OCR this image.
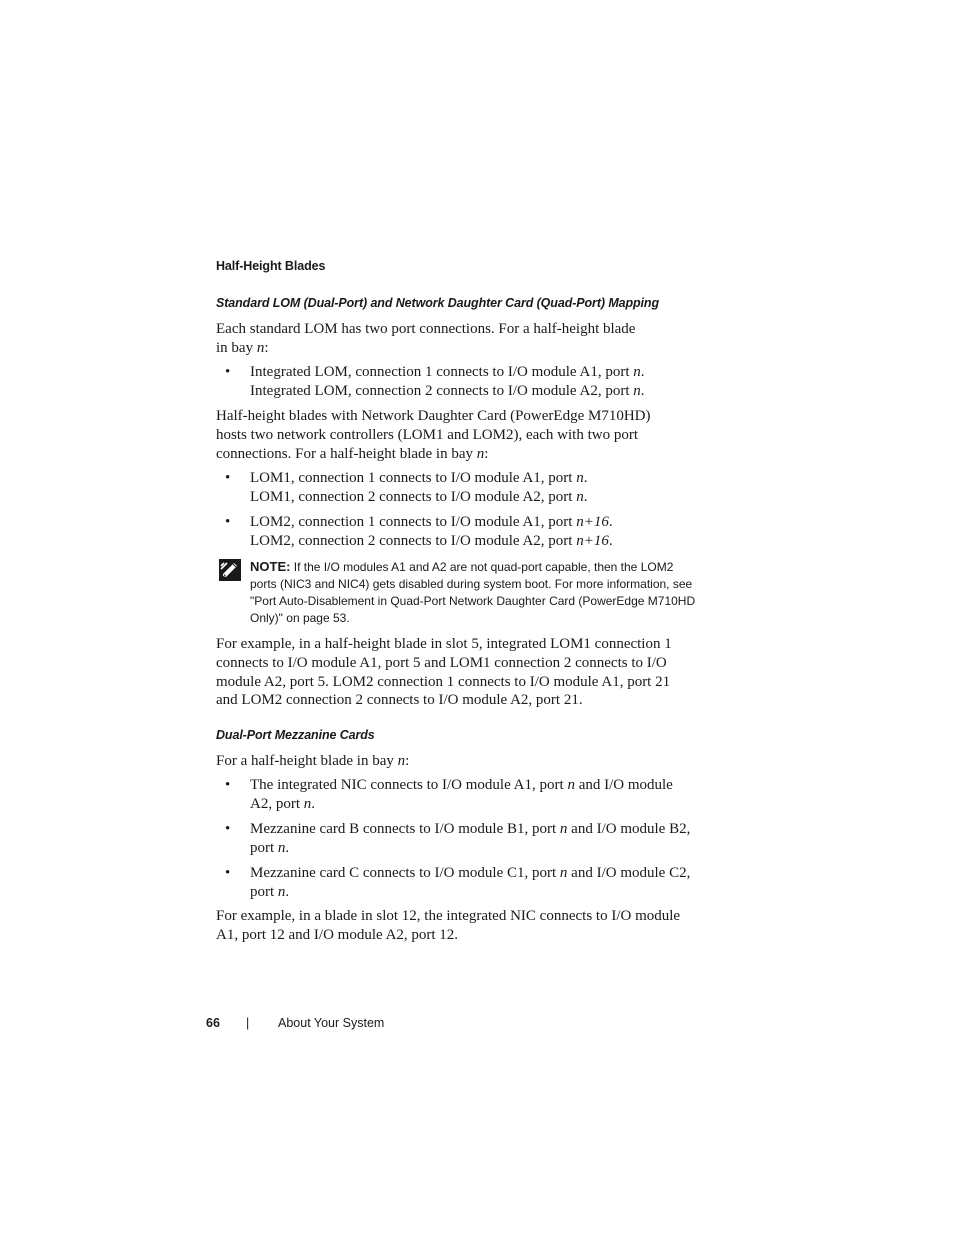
Half-Height Blades
Standard LOM (Dual-Port) and Network Daughter Card (Quad-Port) Mapping
Each standard LOM has two port connections. For a half-height blade
in bay n:
• Integrated LOM, connection 1 connects to I/O module A1, port n.
Integrated LOM, connection 2 connects to I/O module A2, port n.
Half-height blades with Network Daughter Card (PowerEdge M710HD)
hosts two network controllers (LOM1 and LOM2), each with two port
connections. For a half-height blade in bay n:
• LOM1, connection 1 connects to I/O module A1, port n.
LOM1, connection 2 connects to I/O module A2, port n.
• LOM2, connection 1 connects to I/O module A1, port n+16.
LOM2, connection 2 connects to I/O module A2, port n+16.
NOTE: If the I/O modules A1 and A2 are not quad-port capable, then the LOM2
ports (NIC3 and NIC4) gets disabled during system boot. For more information, see
"Port Auto-Disablement in Quad-Port Network Daughter Card (PowerEdge M710HD
Only)" on page 53.
For example, in a half-height blade in slot 5, integrated LOM1 connection 1
connects to I/O module A1, port 5 and LOM1 connection 2 connects to I/O
module A2, port 5. LOM2 connection 1 connects to I/O module A1, port 21
and LOM2 connection 2 connects to I/O module A2, port 21.
Dual-Port Mezzanine Cards
For a half-height blade in bay n:
• The integrated NIC connects to I/O module A1, port n and I/O module
A2, port n.
• Mezzanine card B connects to I/O module B1, port n and I/O module B2,
port n.
• Mezzanine card C connects to I/O module C1, port n and I/O module C2,
port n.
For example, in a blade in slot 12, the integrated NIC connects to I/O module
A1, port 12 and I/O module A2, port 12.
66 | About Your System
